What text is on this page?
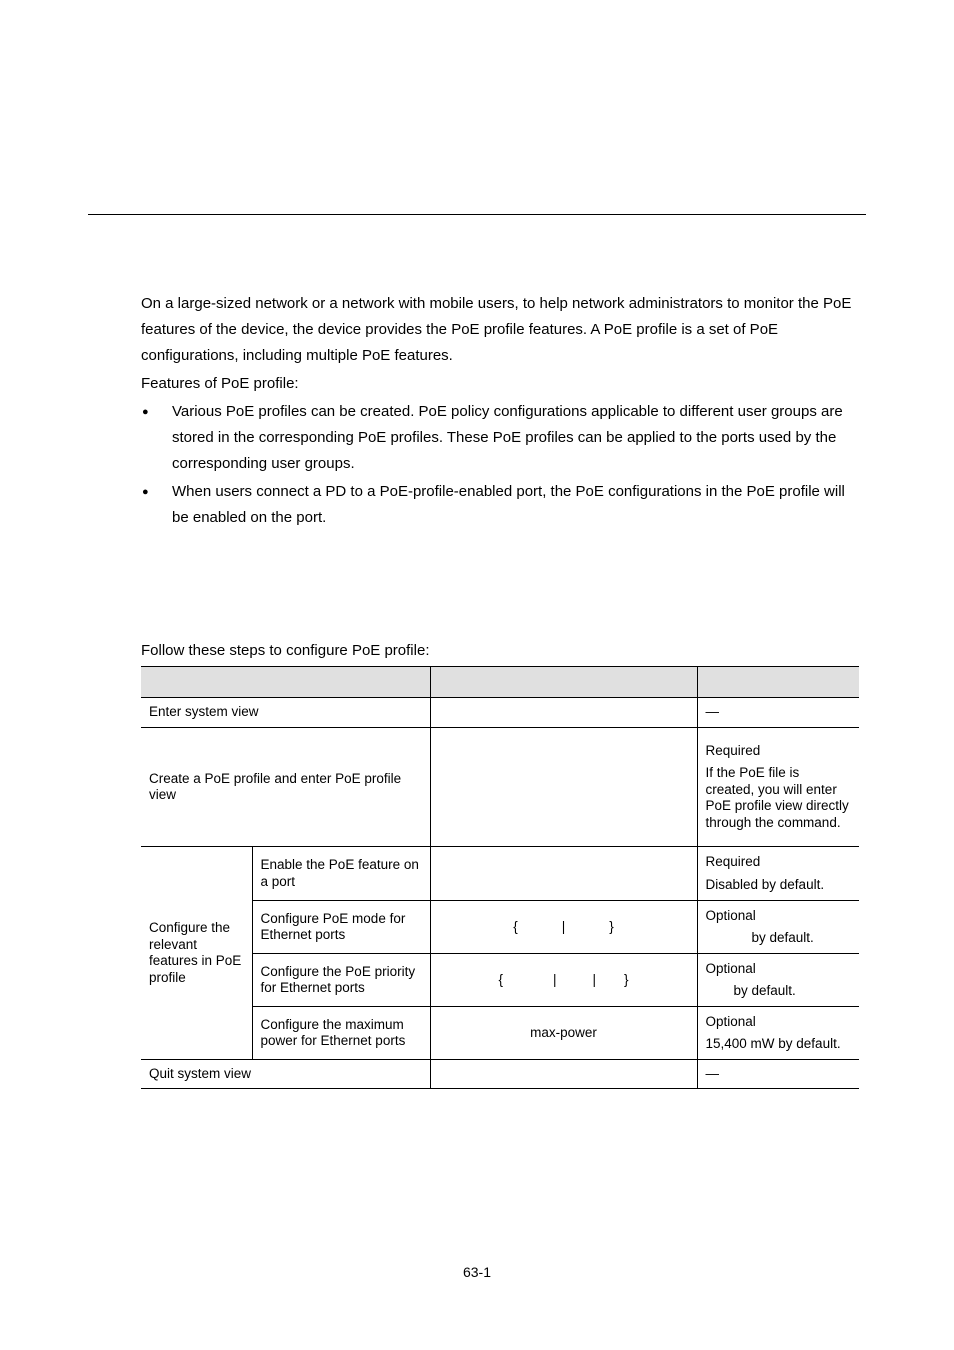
On a large-sized network or a network with mobile users, to help network administrators to monitor the PoE features of the device, the device provides the PoE profile features. A PoE profile is a set of PoE configurations, including multiple PoE features.

Features of PoE profile:

● Various PoE profiles can be created. PoE policy configurations applicable to different user groups are stored in the corresponding PoE profiles. These PoE profiles can be applied to the ports used by the corresponding user groups.
● When users connect a PD to a PoE-profile-enabled port, the PoE configurations in the PoE profile will be enabled on the port.

Follow these steps to configure PoE profile:

Enter system view			—
Create a PoE profile and enter PoE profile view			Required
If the PoE file is created, you will enter PoE profile view directly through the command.

Configure the relevant features in PoE profile	Enable the PoE feature on a port		Required
Disabled by default.

	Configure PoE mode for Ethernet ports	{ | }	Optional
by default.

	Configure the PoE priority for Ethernet ports	{ | | }	Optional
by default.

	Configure the maximum power for Ethernet ports	max-power	Optional
15,400 mW by default.

Quit system view			—
63-1
